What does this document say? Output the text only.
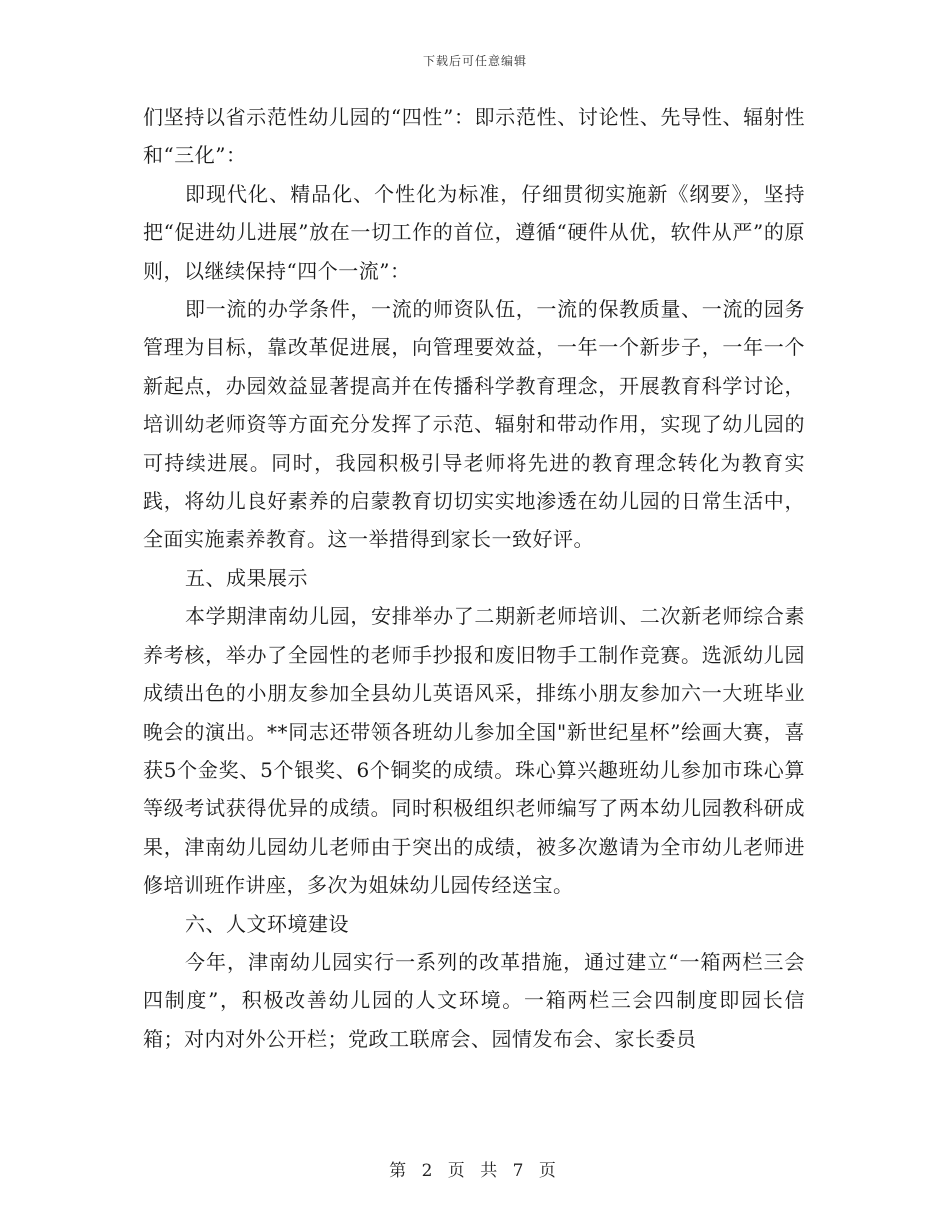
下载后可任意编辑

们坚持以省示范性幼儿园的“四性”：即示范性、讨论性、先导性、辐射性和“三化”：

即现代化、精品化、个性化为标准，仔细贯彻实施新《纲要》，坚持把“促进幼儿进展”放在一切工作的首位，遵循“硬件从优，软件从严”的原则，以继续保持“四个一流”：

即一流的办学条件，一流的师资队伍，一流的保教质量、一流的园务管理为目标，靠改革促进展，向管理要效益，一年一个新步子，一年一个新起点，办园效益显著提高并在传播科学教育理念，开展教育科学讨论，培训幼老师资等方面充分发挥了示范、辐射和带动作用，实现了幼儿园的可持续进展。同时，我园积极引导老师将先进的教育理念转化为教育实践，将幼儿良好素养的启蒙教育切切实实地渗透在幼儿园的日常生活中，全面实施素养教育。这一举措得到家长一致好评。

五、成果展示

本学期津南幼儿园，安排举办了二期新老师培训、二次新老师综合素养考核，举办了全园性的老师手抄报和废旧物手工制作竞赛。选派幼儿园成绩出色的小朋友参加全县幼儿英语风采，排练小朋友参加六一大班毕业晚会的演出。**同志还带领各班幼儿参加全国"新世纪星杯”绘画大赛，喜获5个金奖、5个银奖、6个铜奖的成绩。珠心算兴趣班幼儿参加市珠心算等级考试获得优异的成绩。同时积极组织老师编写了两本幼儿园教科研成果，津南幼儿园幼儿老师由于突出的成绩，被多次邀请为全市幼儿老师进修培训班作讲座，多次为姐妹幼儿园传经送宝。

六、人文环境建设

今年，津南幼儿园实行一系列的改革措施，通过建立“一箱两栏三会四制度”，积极改善幼儿园的人文环境。一箱两栏三会四制度即园长信箱；对内对外公开栏；党政工联席会、园情发布会、家长委员

第 2 页 共 7 页
